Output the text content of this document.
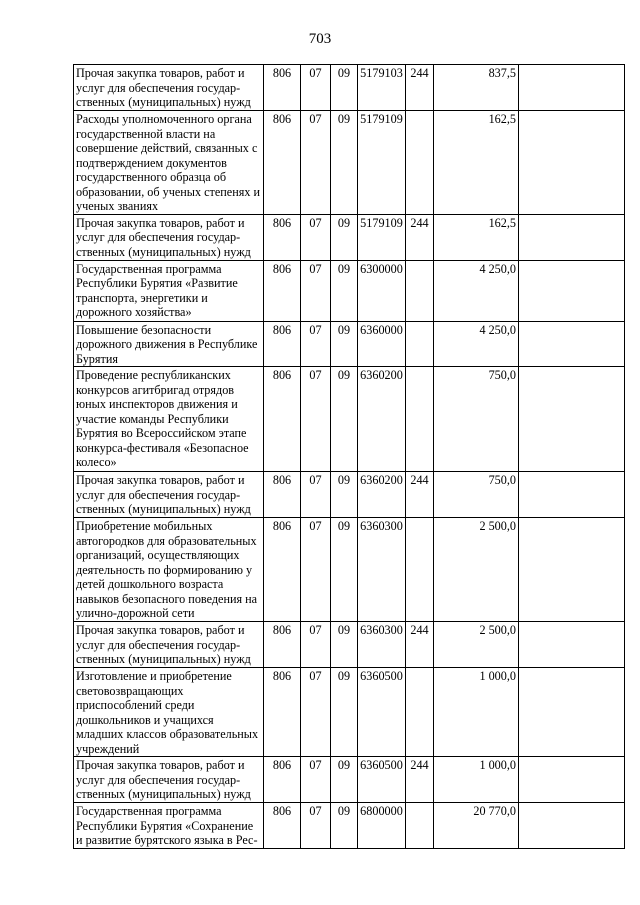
703
Прочая закупка товаров, работ и услуг для обеспечения государ-ственных (муниципальных) нужд	806	07	09	5179103	244	837,5	
Расходы уполномоченного органа государственной власти на совершение действий, связанных с подтверждением документов государственного образца об образовании, об ученых степенях и ученых званиях	806	07	09	5179109		162,5	
Прочая закупка товаров, работ и услуг для обеспечения государ-ственных (муниципальных) нужд	806	07	09	5179109	244	162,5	
Государственная программа Республики Бурятия «Развитие транспорта, энергетики и дорожного хозяйства»	806	07	09	6300000		4 250,0	
Повышение безопасности дорожного движения в Республике Бурятия	806	07	09	6360000		4 250,0	
Проведение республиканских конкурсов агитбригад отрядов юных инспекторов движения и участие команды Республики Бурятия во Всероссийском этапе конкурса-фестиваля «Безопасное колесо»	806	07	09	6360200		750,0	
Прочая закупка товаров, работ и услуг для обеспечения государ-ственных (муниципальных) нужд	806	07	09	6360200	244	750,0	
Приобретение мобильных автогородков для образовательных организаций, осуществляющих деятельность по формированию у детей дошкольного возраста навыков безопасного поведения на улично-дорожной сети	806	07	09	6360300		2 500,0	
Прочая закупка товаров, работ и услуг для обеспечения государ-ственных (муниципальных) нужд	806	07	09	6360300	244	2 500,0	
Изготовление и приобретение световозвращающих приспособлений среди дошкольников и учащихся младших классов образовательных учреждений	806	07	09	6360500		1 000,0	
Прочая закупка товаров, работ и услуг для обеспечения государ-ственных (муниципальных) нужд	806	07	09	6360500	244	1 000,0	
Государственная программа Республики Бурятия «Сохранение и развитие бурятского языка в Рес-	806	07	09	6800000		20 770,0	
